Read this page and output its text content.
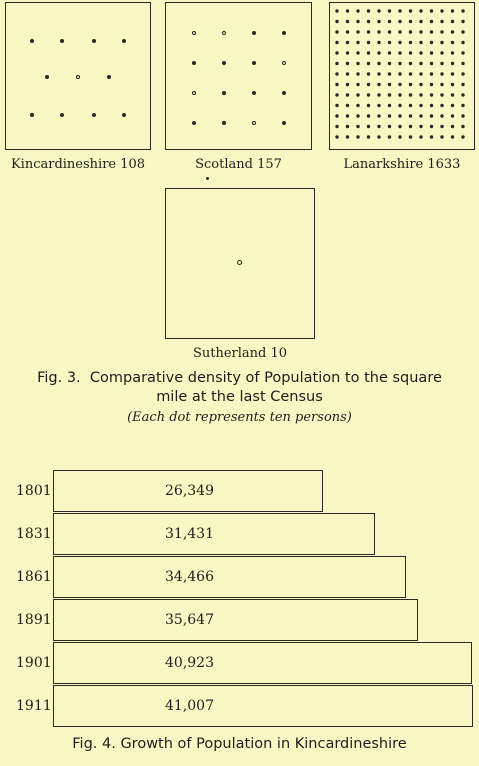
Kincardineshire 108	Scotland 157	Lanarkshire 1633
Sutherland 10
Fig. 3.  Comparative density of Population to the square
mile at the last Census
(Each dot represents ten persons)
1801	26,349
1831	31,431
1861	34,466
1891	35,647
1901	40,923
1911	41,007
Fig. 4. Growth of Population in Kincardineshire
